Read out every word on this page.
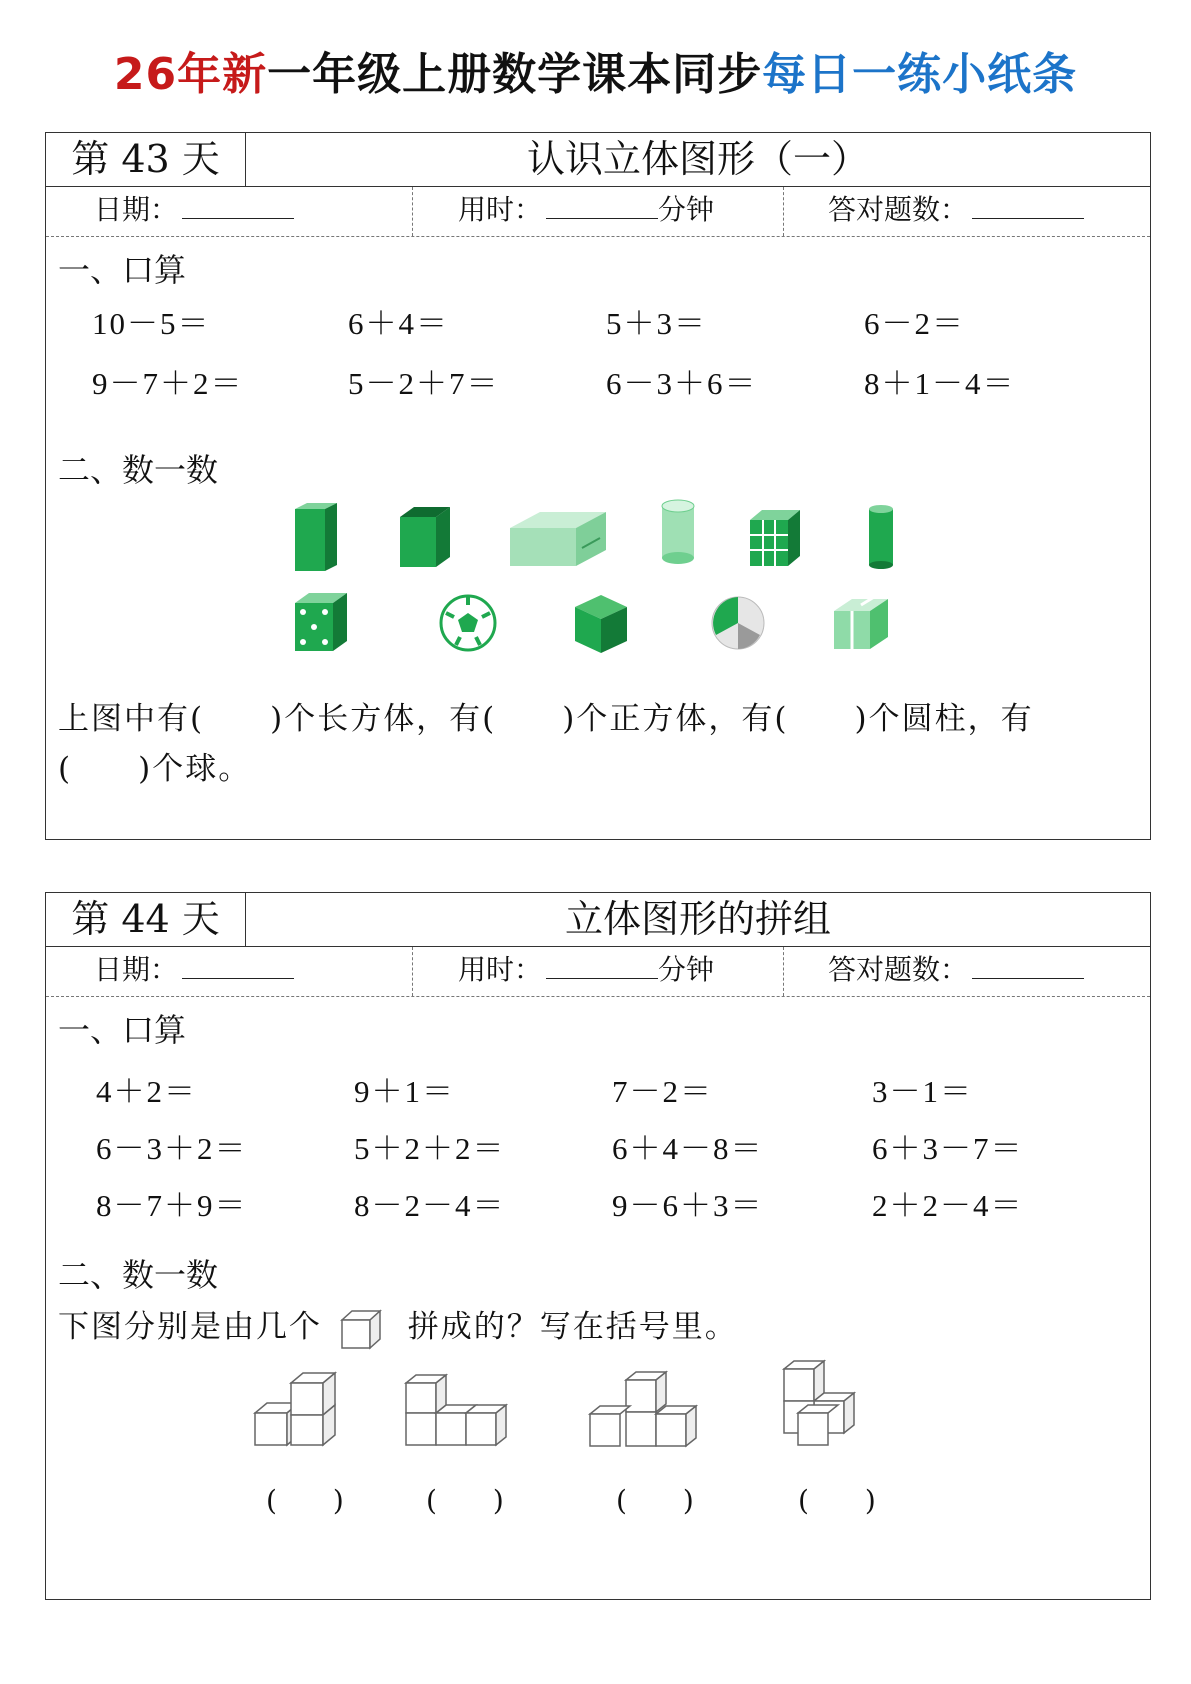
26年新一年级上册数学课本同步每日一练小纸条
第 43 天	认识立体图形（一）
日期：	用时：	分钟	答对题数：
一、口算
10－5＝	6＋4＝	5＋3＝	6－2＝
9－7＋2＝	5－2＋7＝	6－3＋6＝	8＋1－4＝
二、数一数
上图中有(　　)个长方体，有(　　)个正方体，有(　　)个圆柱，有
(　　)个球。
第 44 天	立体图形的拼组
日期：	用时：	分钟	答对题数：
一、口算
4＋2＝	9＋1＝	7－2＝	3－1＝
6－3＋2＝	5＋2＋2＝	6＋4－8＝	6＋3－7＝
8－7＋9＝	8－2－4＝	9－6＋3＝	2＋2－4＝
二、数一数
下图分别是由几个	拼成的？写在括号里。
(　　)	(　　)	(　　)	(　　)
